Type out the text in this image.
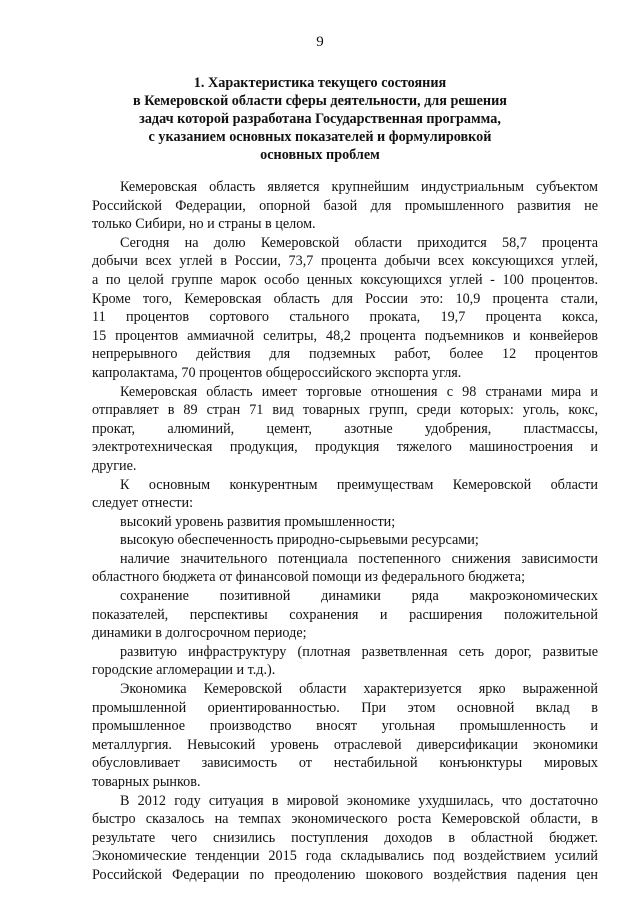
9
1. Характеристика текущего состояния
в Кемеровской области сферы деятельности, для решения
задач которой разработана Государственная программа,
с указанием основных показателей и формулировкой
основных проблем
Кемеровская область является крупнейшим индустриальным субъектом
Российской Федерации, опорной базой для промышленного развития не
только Сибири, но и страны в целом.
Сегодня на долю Кемеровской области приходится 58,7 процента
добычи всех углей в России, 73,7 процента добычи всех коксующихся углей,
а по целой группе марок особо ценных коксующихся углей - 100 процентов.
Кроме того, Кемеровская область для России это: 10,9 процента стали,
11 процентов сортового стального проката, 19,7 процента кокса,
15 процентов аммиачной селитры, 48,2 процента подъемников и конвейеров
непрерывного действия для подземных работ, более 12 процентов
капролактама, 70 процентов общероссийского экспорта угля.
Кемеровская область имеет торговые отношения с 98 странами мира и
отправляет в 89 стран 71 вид товарных групп, среди которых: уголь, кокс,
прокат, алюминий, цемент, азотные удобрения, пластмассы,
электротехническая продукция, продукция тяжелого машиностроения и
другие.
К основным конкурентным преимуществам Кемеровской области
следует отнести:
высокий уровень развития промышленности;
высокую обеспеченность природно-сырьевыми ресурсами;
наличие значительного потенциала постепенного снижения зависимости
областного бюджета от финансовой помощи из федерального бюджета;
сохранение позитивной динамики ряда макроэкономических
показателей, перспективы сохранения и расширения положительной
динамики в долгосрочном периоде;
развитую инфраструктуру (плотная разветвленная сеть дорог, развитые
городские агломерации и т.д.).
Экономика Кемеровской области характеризуется ярко выраженной
промышленной ориентированностью. При этом основной вклад в
промышленное производство вносят угольная промышленность и
металлургия. Невысокий уровень отраслевой диверсификации экономики
обусловливает зависимость от нестабильной конъюнктуры мировых
товарных рынков.
В 2012 году ситуация в мировой экономике ухудшилась, что достаточно
быстро сказалось на темпах экономического роста Кемеровской области, в
результате чего снизились поступления доходов в областной бюджет.
Экономические тенденции 2015 года складывались под воздействием усилий
Российской Федерации по преодолению шокового воздействия падения цен
